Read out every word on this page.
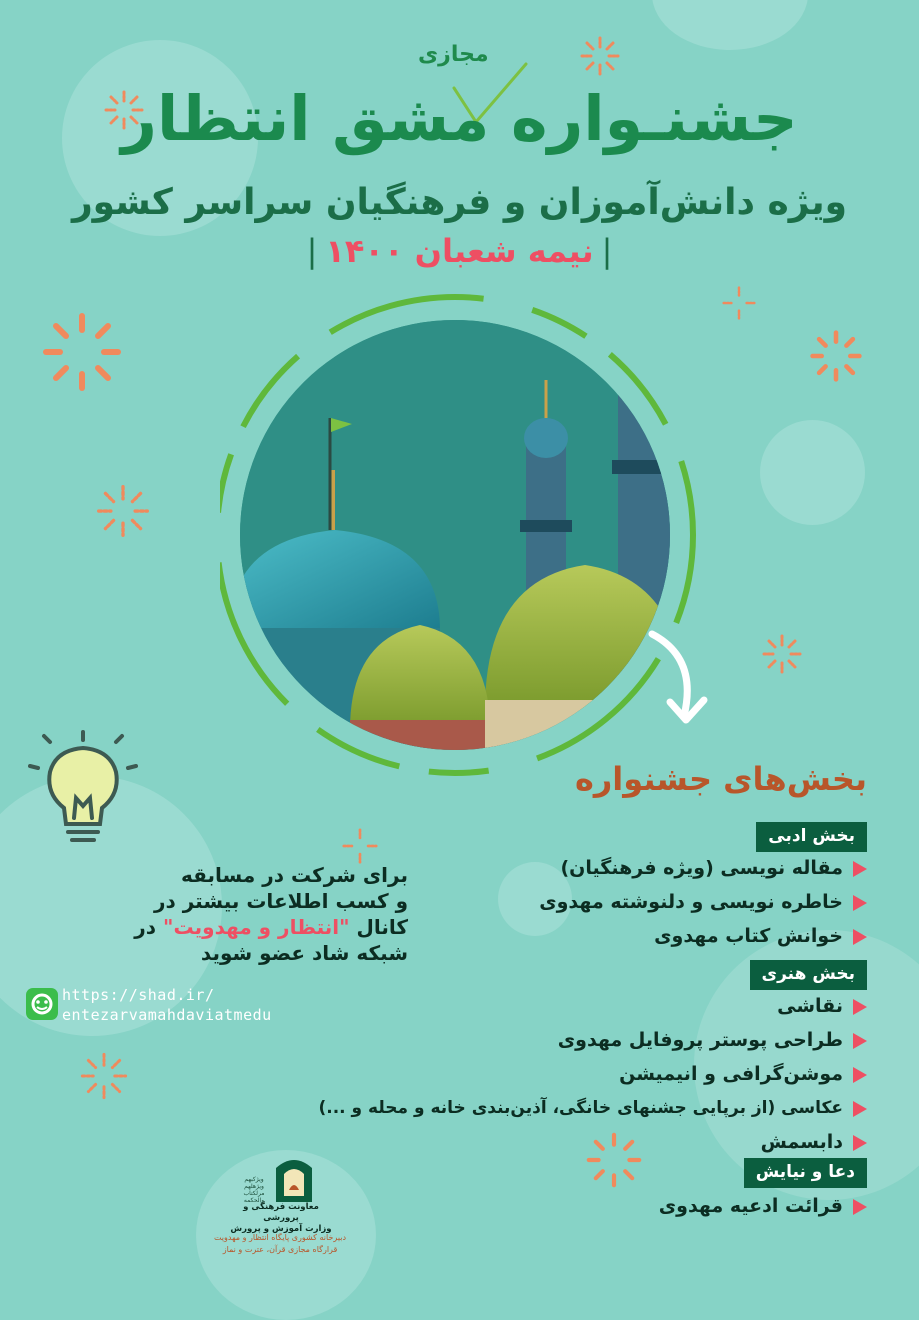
مجازی
جشنـواره مشق انتظار
ویژه دانش‌آموزان و فرهنگیان سراسر کشور
|نیمه شعبان ۱۴۰۰|
بخش‌های جشنواره
بخش ادبی
مقاله نویسی (ویژه فرهنگیان)
خاطره نویسی و دلنوشته مهدوی
خوانش کتاب مهدوی
بخش هنری
نقاشی
طراحی پوستر پروفایل مهدوی
موشن‌گرافی و انیمیشن
عکاسی (از برپایی جشنهای خانگی، آذین‌بندی خانه و محله و ...)
دابسمش
دعا و نیایش
قرائت ادعیه مهدوی
برای شرکت در مسابقه
و کسب اطلاعات بیشتر در
کانال "انتظار و مهدویت" در
شبکه شاد عضو شوید
https://shad.ir/
entezarvamahdaviatmedu
ویژکبهم ویژهلهم مرلکتاب والحکمه
معاونت فرهنگی و پرورشی
وزارت آموزش و پرورش
دبیرخانه کشوری پایگاه انتظار و مهدویت
قرارگاه مجازی قرآن، عترت و نماز
